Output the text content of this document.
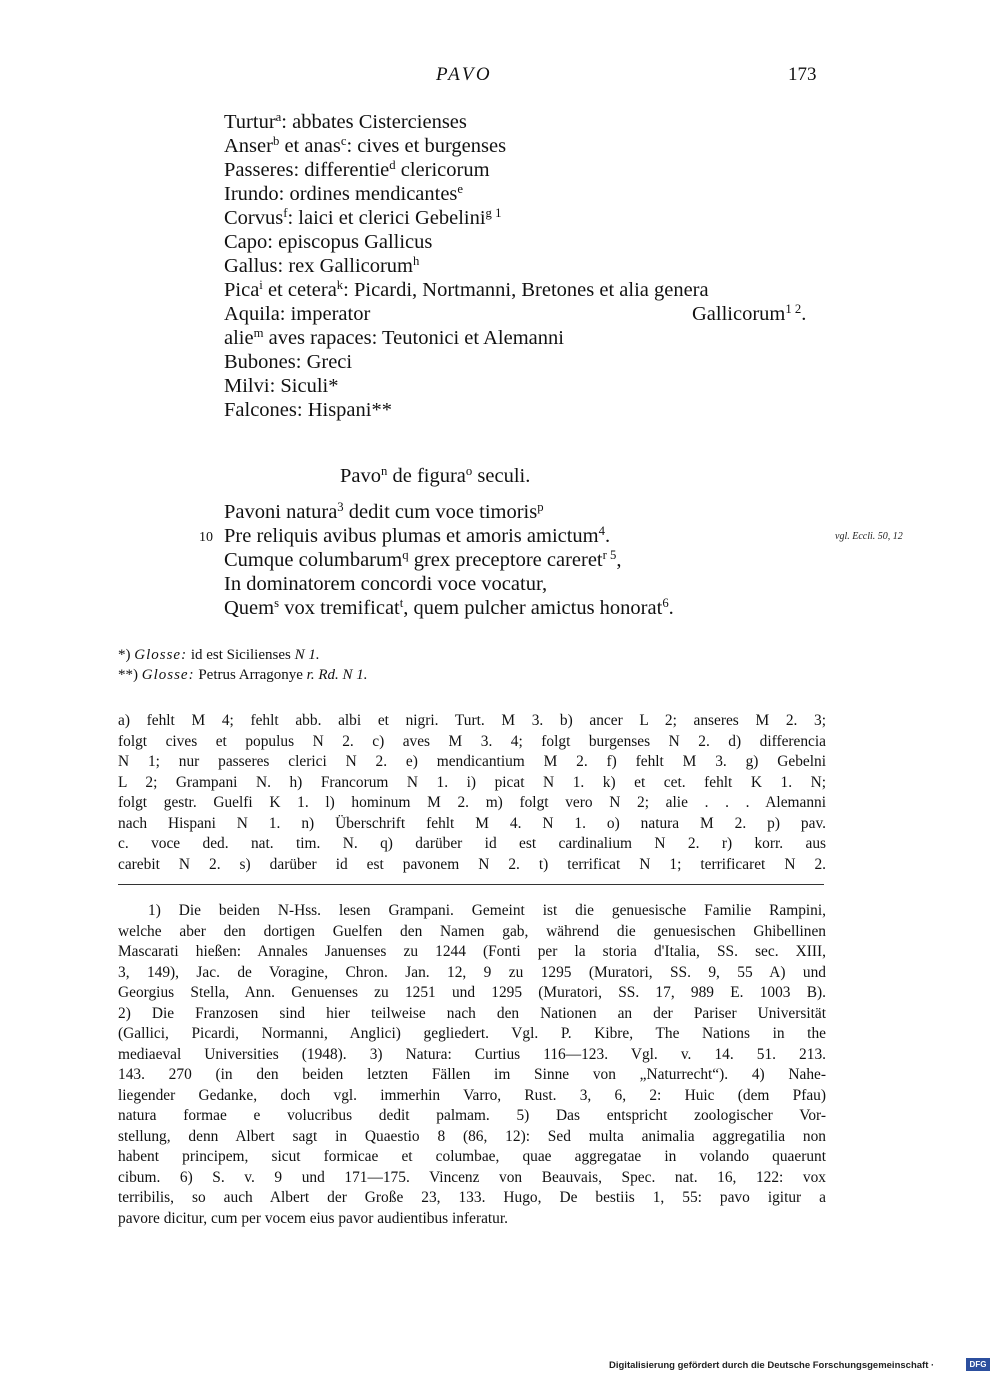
PAVO	173
Turtur$^a$: abbates Cistercienses
Anser$^b$ et anas$^c$: cives et burgenses
Passeres: differentie$^d$ clericorum
Irundo: ordines mendicantes$^e$
Corvus$^f$: laici et clerici Gebelini$^{g 1}$
Capo: episcopus Gallicus
Gallus: rex Gallicorum$^h$
Pica$^i$ et cetera$^k$: Picardi, Nortmanni, Bretones et alia genera
Aquila: imperator	Gallicorum$^{1 2}$.
alie$^m$ aves rapaces: Teutonici et Alemanni
Bubones: Greci
Milvi: Siculi*
Falcones: Hispani**
Pavo$^n$ de figura$^o$ seculi.
Pavoni natura$^3$ dedit cum voce timoris$^p$
10 Pre reliquis avibus plumas et amoris amictum$^4$.	vgl. Eccli. 50, 12
Cumque columbarum$^q$ grex preceptore careret$^{r 5}$,
In dominatorem concordi voce vocatur,
Quem$^s$ vox tremificat$^t$, quem pulcher amictus honorat$^6$.
*) Glosse: id est Sicilienses N 1.
**) Glosse: Petrus Arragonye r. Rd. N 1.
a) fehlt M 4; fehlt abb. albi et nigri. Turt. M 3. b) ancer L 2; anseres M 2. 3;
folgt cives et populus N 2. c) aves M 3. 4; folgt burgenses N 2. d) differencia
N 1; nur passeres clerici N 2. e) mendicantium M 2. f) fehlt M 3. g) Gebelni
L 2; Grampani N. h) Francorum N 1. i) picat N 1. k) et cet. fehlt K 1. N;
folgt gestr. Guelfi K 1. l) hominum M 2. m) folgt vero N 2; alie . . . Alemanni
nach Hispani N 1. n) Überschrift fehlt M 4. N 1. o) natura M 2. p) pav.
c. voce ded. nat. tim. N. q) darüber id est cardinalium N 2. r) korr. aus
carebit N 2. s) darüber id est pavonem N 2. t) terrificat N 1; terrificaret N 2.
1) Die beiden N-Hss. lesen Grampani. Gemeint ist die genuesische Familie Rampini,
welche aber den dortigen Guelfen den Namen gab, während die genuesischen Ghibellinen
Mascarati hießen: Annales Januenses zu 1244 (Fonti per la storia d'Italia, SS. sec. XIII,
3, 149), Jac. de Voragine, Chron. Jan. 12, 9 zu 1295 (Muratori, SS. 9, 55 A) und
Georgius Stella, Ann. Genuenses zu 1251 und 1295 (Muratori, SS. 17, 989 E. 1003 B).
2) Die Franzosen sind hier teilweise nach den Nationen an der Pariser Universität
(Gallici, Picardi, Normanni, Anglici) gegliedert. Vgl. P. Kibre, The Nations in the
mediaeval Universities (1948). 3) Natura: Curtius 116—123. Vgl. v. 14. 51. 213.
143. 270 (in den beiden letzten Fällen im Sinne von „Naturrecht“). 4) Nahe-
liegender Gedanke, doch vgl. immerhin Varro, Rust. 3, 6, 2: Huic (dem Pfau)
natura formae e volucribus dedit palmam. 5) Das entspricht zoologischer Vor-
stellung, denn Albert sagt in Quaestio 8 (86, 12): Sed multa animalia aggregatilia non
habent principem, sicut formicae et columbae, quae aggregatae in volando quaerunt
cibum. 6) S. v. 9 und 171—175. Vincenz von Beauvais, Spec. nat. 16, 122: vox
terribilis, so auch Albert der Große 23, 133. Hugo, De bestiis 1, 55: pavo igitur a
pavore dicitur, cum per vocem eius pavor audientibus inferatur.
Digitalisierung gefördert durch die Deutsche Forschungsgemeinschaft ·	DFG
